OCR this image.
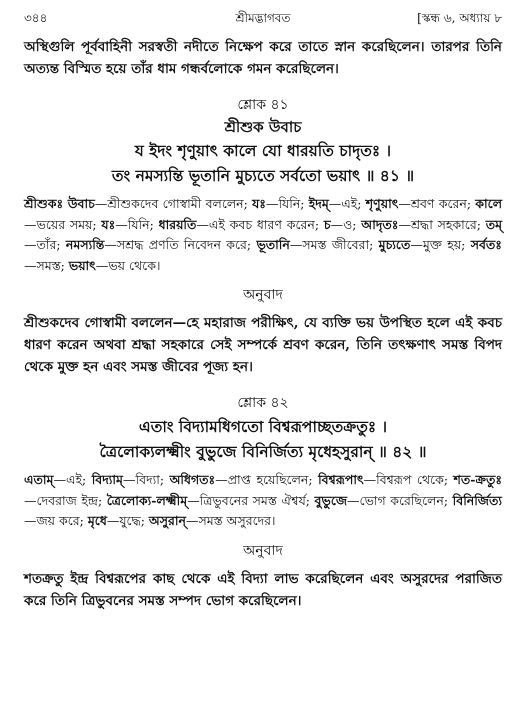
৩৪৪	শ্রীমদ্ভাগবত	[স্কন্ধ ৬, অধ্যায় ৮

অস্থিগুলি পূর্ববাহিনী সরস্বতী নদীতে নিক্ষেপ করে তাতে স্নান করেছিলেন। তারপর তিনি অত্যন্ত বিস্মিত হয়ে তাঁর ধাম গন্ধর্বলোকে গমন করেছিলেন।

শ্লোক ৪১

শ্রীশুক উবাচ

য ইদং শৃণুয়াৎ কালে যো ধারয়তি চাদৃতঃ ।
তং নমস্যন্তি ভূতানি মুচ্যতে সর্বতো ভয়াৎ ॥ ৪১ ॥

শ্রীশুকঃ উবাচ—শ্রীশুকদেব গোস্বামী বললেন; যঃ—যিনি; ইদম্—এই; শৃণুয়াৎ—শ্রবণ করেন; কালে—ভয়ের সময়; যঃ—যিনি; ধারয়তি—এই কবচ ধারণ করেন; চ—ও; আদৃতঃ—শ্রদ্ধা সহকারে; তম্—তাঁর; নমস্যন্তি—সশ্রদ্ধ প্রণতি নিবেদন করে; ভূতানি—সমস্ত জীবেরা; মুচ্যতে—মুক্ত হয়; সর্বতঃ—সমস্ত; ভয়াৎ—ভয় থেকে।

অনুবাদ

শ্রীশুকদেব গোস্বামী বললেন—হে মহারাজ পরীক্ষিৎ, যে ব্যক্তি ভয় উপস্থিত হলে এই কবচ ধারণ করেন অথবা শ্রদ্ধা সহকারে সেই সম্পর্কে শ্রবণ করেন, তিনি তৎক্ষণাৎ সমস্ত বিপদ থেকে মুক্ত হন এবং সমস্ত জীবের পূজ্য হন।

শ্লোক ৪২

এতাং বিদ্যামধিগতো বিশ্বরূপাচ্ছতক্রতুঃ ।
ত্রৈলোক্যলক্ষ্মীং বুভুজে বিনির্জিত্য মৃধেহসুরান্ ॥ ৪২ ॥

এতাম্—এই; বিদ্যাম্—বিদ্যা; অধিগতঃ—প্রাপ্ত হয়েছিলেন; বিশ্বরূপাৎ—বিশ্বরূপ থেকে; শত-ক্রতুঃ—দেবরাজ ইন্দ্র; ত্রৈলোক্য-লক্ষ্মীম্—ত্রিভুবনের সমস্ত ঐশ্বর্য; বুভুজে—ভোগ করেছিলেন; বিনির্জিত্য—জয় করে; মৃধে—যুদ্ধে; অসুরান্—সমস্ত অসুরদের।

অনুবাদ

শতক্রতু ইন্দ্র বিশ্বরূপের কাছ থেকে এই বিদ্যা লাভ করেছিলেন এবং অসুরদের পরাজিত করে তিনি ত্রিভুবনের সমস্ত সম্পদ ভোগ করেছিলেন।
